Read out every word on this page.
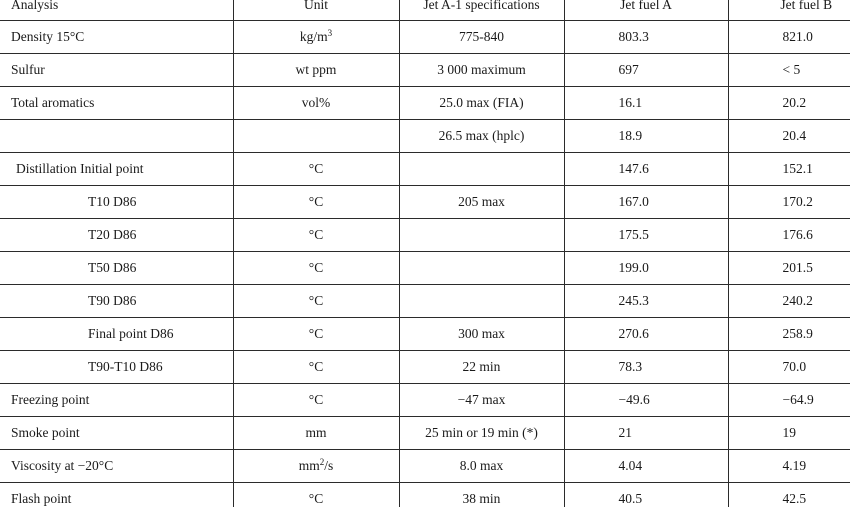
Analysis	Unit	Jet A-1 specifications	Jet fuel A	Jet fuel B
Density 15°C	$kg/m^3$	775-840	803.3	821.0
Sulfur	wt ppm	3 000 maximum	697	< 5
Total aromatics	vol%	25.0 max (FIA)	16.1	20.2
		26.5 max (hplc)	18.9	20.4
Distillation Initial point	°C		147.6	152.1
T10 D86	°C	205 max	167.0	170.2
T20 D86	°C		175.5	176.6
T50 D86	°C		199.0	201.5
T90 D86	°C		245.3	240.2
Final point D86	°C	300 max	270.6	258.9
T90-T10 D86	°C	22 min	78.3	70.0
Freezing point	°C	−47 max	−49.6	−64.9
Smoke point	mm	25 min or 19 min (*)	21	19
Viscosity at −20°C	$mm^2/s$	8.0 max	4.04	4.19
Flash point	°C	38 min	40.5	42.5
